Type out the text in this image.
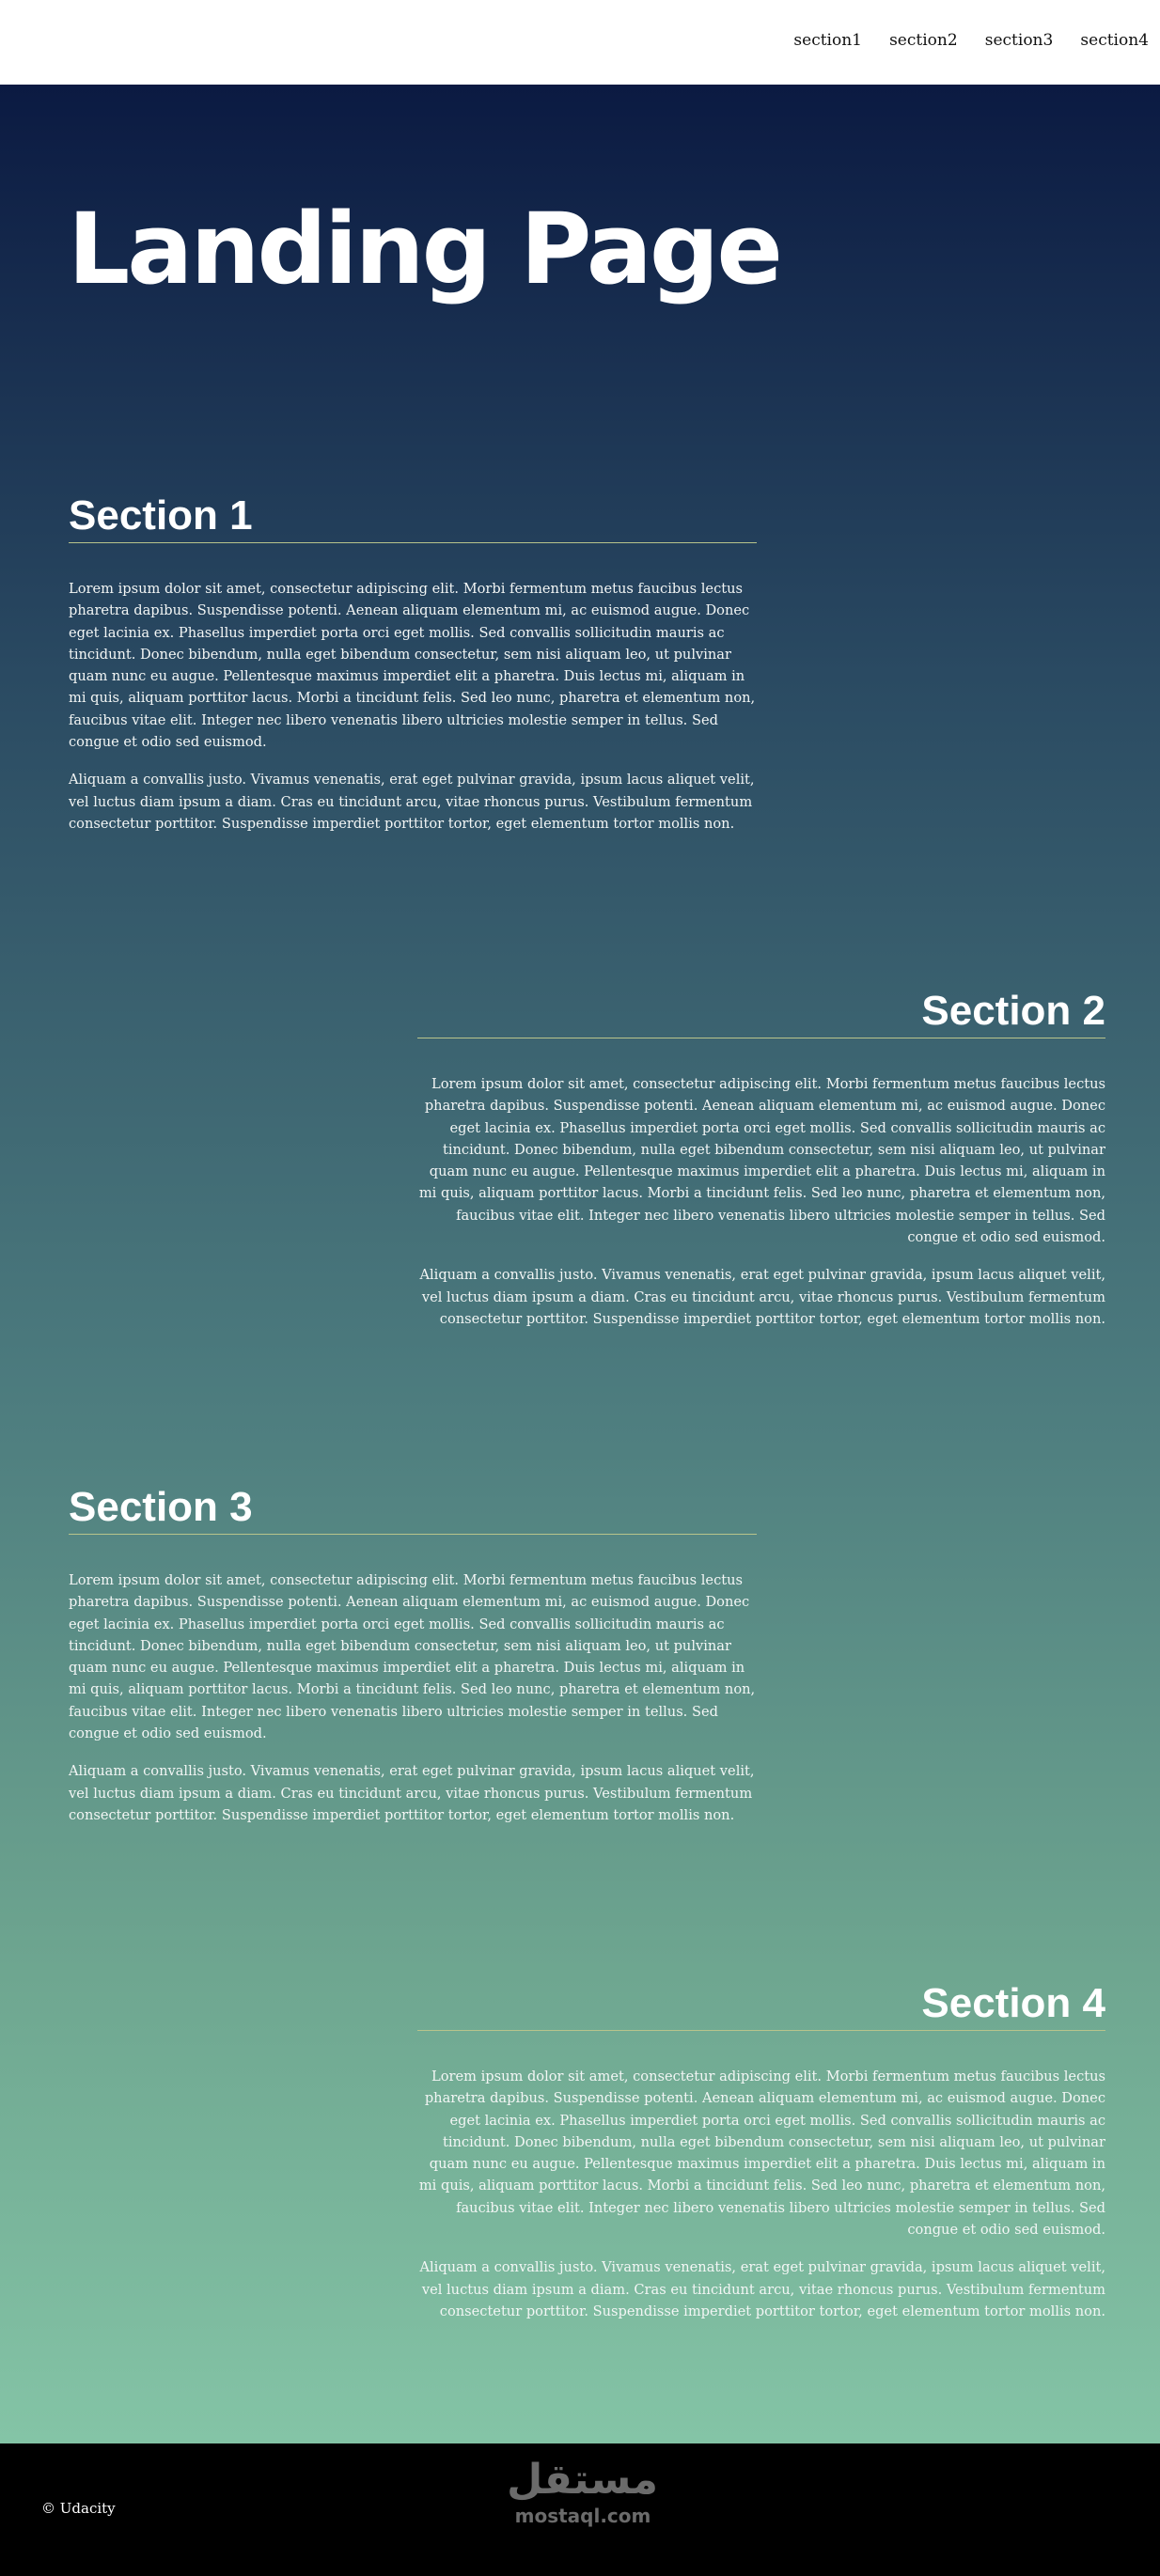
section1 section2 section3 section4
Landing Page
Section 1

Lorem ipsum dolor sit amet, consectetur adipiscing elit. Morbi fermentum metus faucibus lectus pharetra dapibus. Suspendisse potenti. Aenean aliquam elementum mi, ac euismod augue. Donec eget lacinia ex. Phasellus imperdiet porta orci eget mollis. Sed convallis sollicitudin mauris ac tincidunt. Donec bibendum, nulla eget bibendum consectetur, sem nisi aliquam leo, ut pulvinar quam nunc eu augue. Pellentesque maximus imperdiet elit a pharetra. Duis lectus mi, aliquam in mi quis, aliquam porttitor lacus. Morbi a tincidunt felis. Sed leo nunc, pharetra et elementum non, faucibus vitae elit. Integer nec libero venenatis libero ultricies molestie semper in tellus. Sed congue et odio sed euismod.

Aliquam a convallis justo. Vivamus venenatis, erat eget pulvinar gravida, ipsum lacus aliquet velit, vel luctus diam ipsum a diam. Cras eu tincidunt arcu, vitae rhoncus purus. Vestibulum fermentum consectetur porttitor. Suspendisse imperdiet porttitor tortor, eget elementum tortor mollis non.

Section 2

Lorem ipsum dolor sit amet, consectetur adipiscing elit. Morbi fermentum metus faucibus lectus pharetra dapibus. Suspendisse potenti. Aenean aliquam elementum mi, ac euismod augue. Donec eget lacinia ex. Phasellus imperdiet porta orci eget mollis. Sed convallis sollicitudin mauris ac tincidunt. Donec bibendum, nulla eget bibendum consectetur, sem nisi aliquam leo, ut pulvinar quam nunc eu augue. Pellentesque maximus imperdiet elit a pharetra. Duis lectus mi, aliquam in mi quis, aliquam porttitor lacus. Morbi a tincidunt felis. Sed leo nunc, pharetra et elementum non, faucibus vitae elit. Integer nec libero venenatis libero ultricies molestie semper in tellus. Sed congue et odio sed euismod.

Aliquam a convallis justo. Vivamus venenatis, erat eget pulvinar gravida, ipsum lacus aliquet velit, vel luctus diam ipsum a diam. Cras eu tincidunt arcu, vitae rhoncus purus. Vestibulum fermentum consectetur porttitor. Suspendisse imperdiet porttitor tortor, eget elementum tortor mollis non.

Section 3

Lorem ipsum dolor sit amet, consectetur adipiscing elit. Morbi fermentum metus faucibus lectus pharetra dapibus. Suspendisse potenti. Aenean aliquam elementum mi, ac euismod augue. Donec eget lacinia ex. Phasellus imperdiet porta orci eget mollis. Sed convallis sollicitudin mauris ac tincidunt. Donec bibendum, nulla eget bibendum consectetur, sem nisi aliquam leo, ut pulvinar quam nunc eu augue. Pellentesque maximus imperdiet elit a pharetra. Duis lectus mi, aliquam in mi quis, aliquam porttitor lacus. Morbi a tincidunt felis. Sed leo nunc, pharetra et elementum non, faucibus vitae elit. Integer nec libero venenatis libero ultricies molestie semper in tellus. Sed congue et odio sed euismod.

Aliquam a convallis justo. Vivamus venenatis, erat eget pulvinar gravida, ipsum lacus aliquet velit, vel luctus diam ipsum a diam. Cras eu tincidunt arcu, vitae rhoncus purus. Vestibulum fermentum consectetur porttitor. Suspendisse imperdiet porttitor tortor, eget elementum tortor mollis non.

Section 4

Lorem ipsum dolor sit amet, consectetur adipiscing elit. Morbi fermentum metus faucibus lectus pharetra dapibus. Suspendisse potenti. Aenean aliquam elementum mi, ac euismod augue. Donec eget lacinia ex. Phasellus imperdiet porta orci eget mollis. Sed convallis sollicitudin mauris ac tincidunt. Donec bibendum, nulla eget bibendum consectetur, sem nisi aliquam leo, ut pulvinar quam nunc eu augue. Pellentesque maximus imperdiet elit a pharetra. Duis lectus mi, aliquam in mi quis, aliquam porttitor lacus. Morbi a tincidunt felis. Sed leo nunc, pharetra et elementum non, faucibus vitae elit. Integer nec libero venenatis libero ultricies molestie semper in tellus. Sed congue et odio sed euismod.

Aliquam a convallis justo. Vivamus venenatis, erat eget pulvinar gravida, ipsum lacus aliquet velit, vel luctus diam ipsum a diam. Cras eu tincidunt arcu, vitae rhoncus purus. Vestibulum fermentum consectetur porttitor. Suspendisse imperdiet porttitor tortor, eget elementum tortor mollis non.

© Udacity

مستقل
mostaql.com
